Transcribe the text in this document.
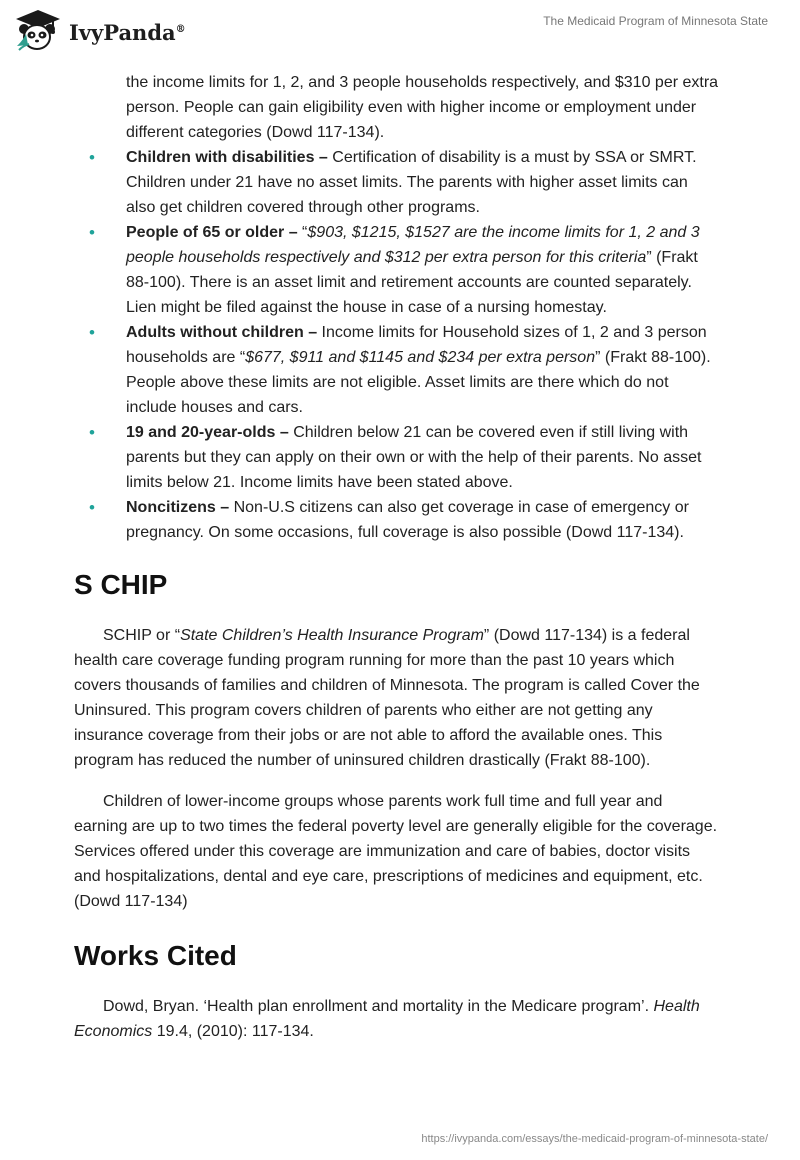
IvyPanda®
The Medicaid Program of Minnesota State
the income limits for 1, 2, and 3 people households respectively, and $310 per extra person. People can gain eligibility even with higher income or employment under different categories (Dowd 117-134).
• Children with disabilities – Certification of disability is a must by SSA or SMRT. Children under 21 have no asset limits. The parents with higher asset limits can also get children covered through other programs.
• People of 65 or older – “$903, $1215, $1527 are the income limits for 1, 2 and 3 people households respectively and $312 per extra person for this criteria” (Frakt 88-100). There is an asset limit and retirement accounts are counted separately. Lien might be filed against the house in case of a nursing homestay.
• Adults without children – Income limits for Household sizes of 1, 2 and 3 person households are “$677, $911 and $1145 and $234 per extra person” (Frakt 88-100). People above these limits are not eligible. Asset limits are there which do not include houses and cars.
• 19 and 20-year-olds – Children below 21 can be covered even if still living with parents but they can apply on their own or with the help of their parents. No asset limits below 21. Income limits have been stated above.
• Noncitizens – Non-U.S citizens can also get coverage in case of emergency or pregnancy. On some occasions, full coverage is also possible (Dowd 117-134).
S CHIP

SCHIP or “State Children’s Health Insurance Program” (Dowd 117-134) is a federal health care coverage funding program running for more than the past 10 years which covers thousands of families and children of Minnesota. The program is called Cover the Uninsured. This program covers children of parents who either are not getting any insurance coverage from their jobs or are not able to afford the available ones. This program has reduced the number of uninsured children drastically (Frakt 88-100).

Children of lower-income groups whose parents work full time and full year and earning are up to two times the federal poverty level are generally eligible for the coverage. Services offered under this coverage are immunization and care of babies, doctor visits and hospitalizations, dental and eye care, prescriptions of medicines and equipment, etc. (Dowd 117-134)

Works Cited

Dowd, Bryan. ‘Health plan enrollment and mortality in the Medicare program’. Health Economics 19.4, (2010): 117-134.

https://ivypanda.com/essays/the-medicaid-program-of-minnesota-state/
